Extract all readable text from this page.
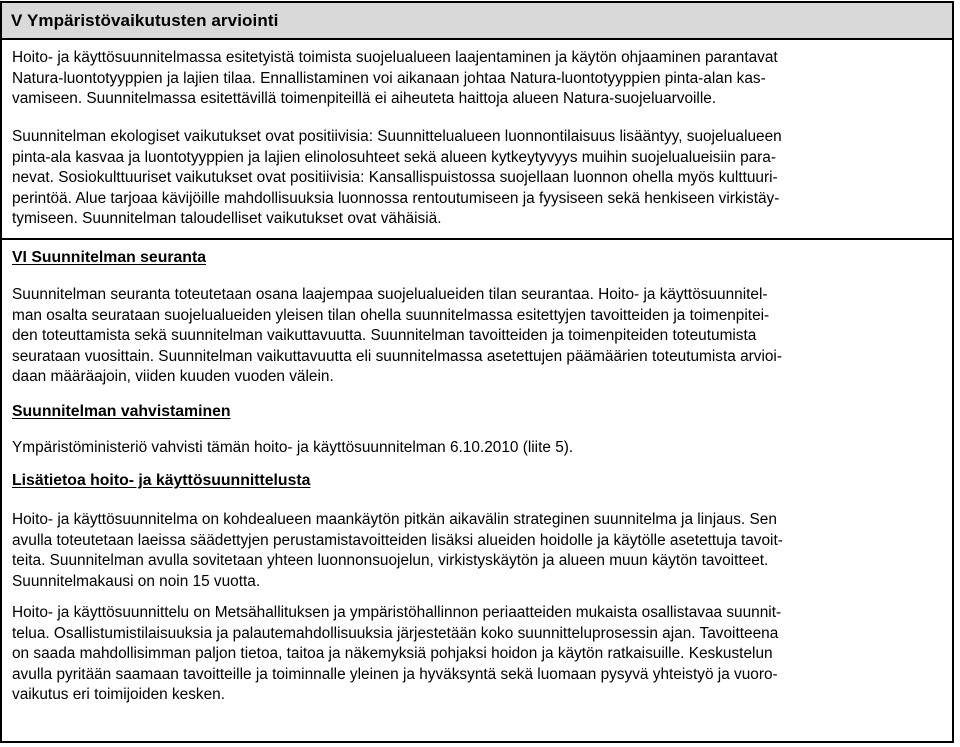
V Ympäristövaikutusten arviointi
Hoito- ja käyttösuunnitelmassa esitetyistä toimista suojelualueen laajentaminen ja käytön ohjaaminen parantavat
Natura-luontotyyppien ja lajien tilaa. Ennallistaminen voi aikanaan johtaa Natura-luontotyyppien pinta-alan kas-
vamiseen. Suunnitelmassa esitettävillä toimenpiteillä ei aiheuteta haittoja alueen Natura-suojeluarvoille.
Suunnitelman ekologiset vaikutukset ovat positiivisia: Suunnittelualueen luonnontilaisuus lisääntyy, suojelualueen
pinta-ala kasvaa ja luontotyyppien ja lajien elinolosuhteet sekä alueen kytkeytyvyys muihin suojelualueisiin para-
nevat. Sosiokulttuuriset vaikutukset ovat positiivisia: Kansallispuistossa suojellaan luonnon ohella myös kulttuuri-
perintöä. Alue tarjoaa kävijöille mahdollisuuksia luonnossa rentoutumiseen ja fyysiseen sekä henkiseen virkistäy-
tymiseen. Suunnitelman taloudelliset vaikutukset ovat vähäisiä.
VI Suunnitelman seuranta
Suunnitelman seuranta toteutetaan osana laajempaa suojelualueiden tilan seurantaa. Hoito- ja käyttösuunnitel-
man osalta seurataan suojelualueiden yleisen tilan ohella suunnitelmassa esitettyjen tavoitteiden ja toimenpitei-
den toteuttamista sekä suunnitelman vaikuttavuutta. Suunnitelman tavoitteiden ja toimenpiteiden toteutumista
seurataan vuosittain. Suunnitelman vaikuttavuutta eli suunnitelmassa asetettujen päämäärien toteutumista arvioi-
daan määräajoin, viiden kuuden vuoden välein.
Suunnitelman vahvistaminen
Ympäristöministeriö vahvisti tämän hoito- ja käyttösuunnitelman 6.10.2010 (liite 5).
Lisätietoa hoito- ja käyttösuunnittelusta
Hoito- ja käyttösuunnitelma on kohdealueen maankäytön pitkän aikavälin strateginen suunnitelma ja linjaus. Sen
avulla toteutetaan laeissa säädettyjen perustamistavoitteiden lisäksi alueiden hoidolle ja käytölle asetettuja tavoit-
teita. Suunnitelman avulla sovitetaan yhteen luonnonsuojelun, virkistyskäytön ja alueen muun käytön tavoitteet.
Suunnitelmakausi on noin 15 vuotta.
Hoito- ja käyttösuunnittelu on Metsähallituksen ja ympäristöhallinnon periaatteiden mukaista osallistavaa suunnit-
telua. Osallistumistilaisuuksia ja palautemahdollisuuksia järjestetään koko suunnitteluprosessin ajan. Tavoitteena
on saada mahdollisimman paljon tietoa, taitoa ja näkemyksiä pohjaksi hoidon ja käytön ratkaisuille. Keskustelun
avulla pyritään saamaan tavoitteille ja toiminnalle yleinen ja hyväksyntä sekä luomaan pysyvä yhteistyö ja vuoro-
vaikutus eri toimijoiden kesken.
